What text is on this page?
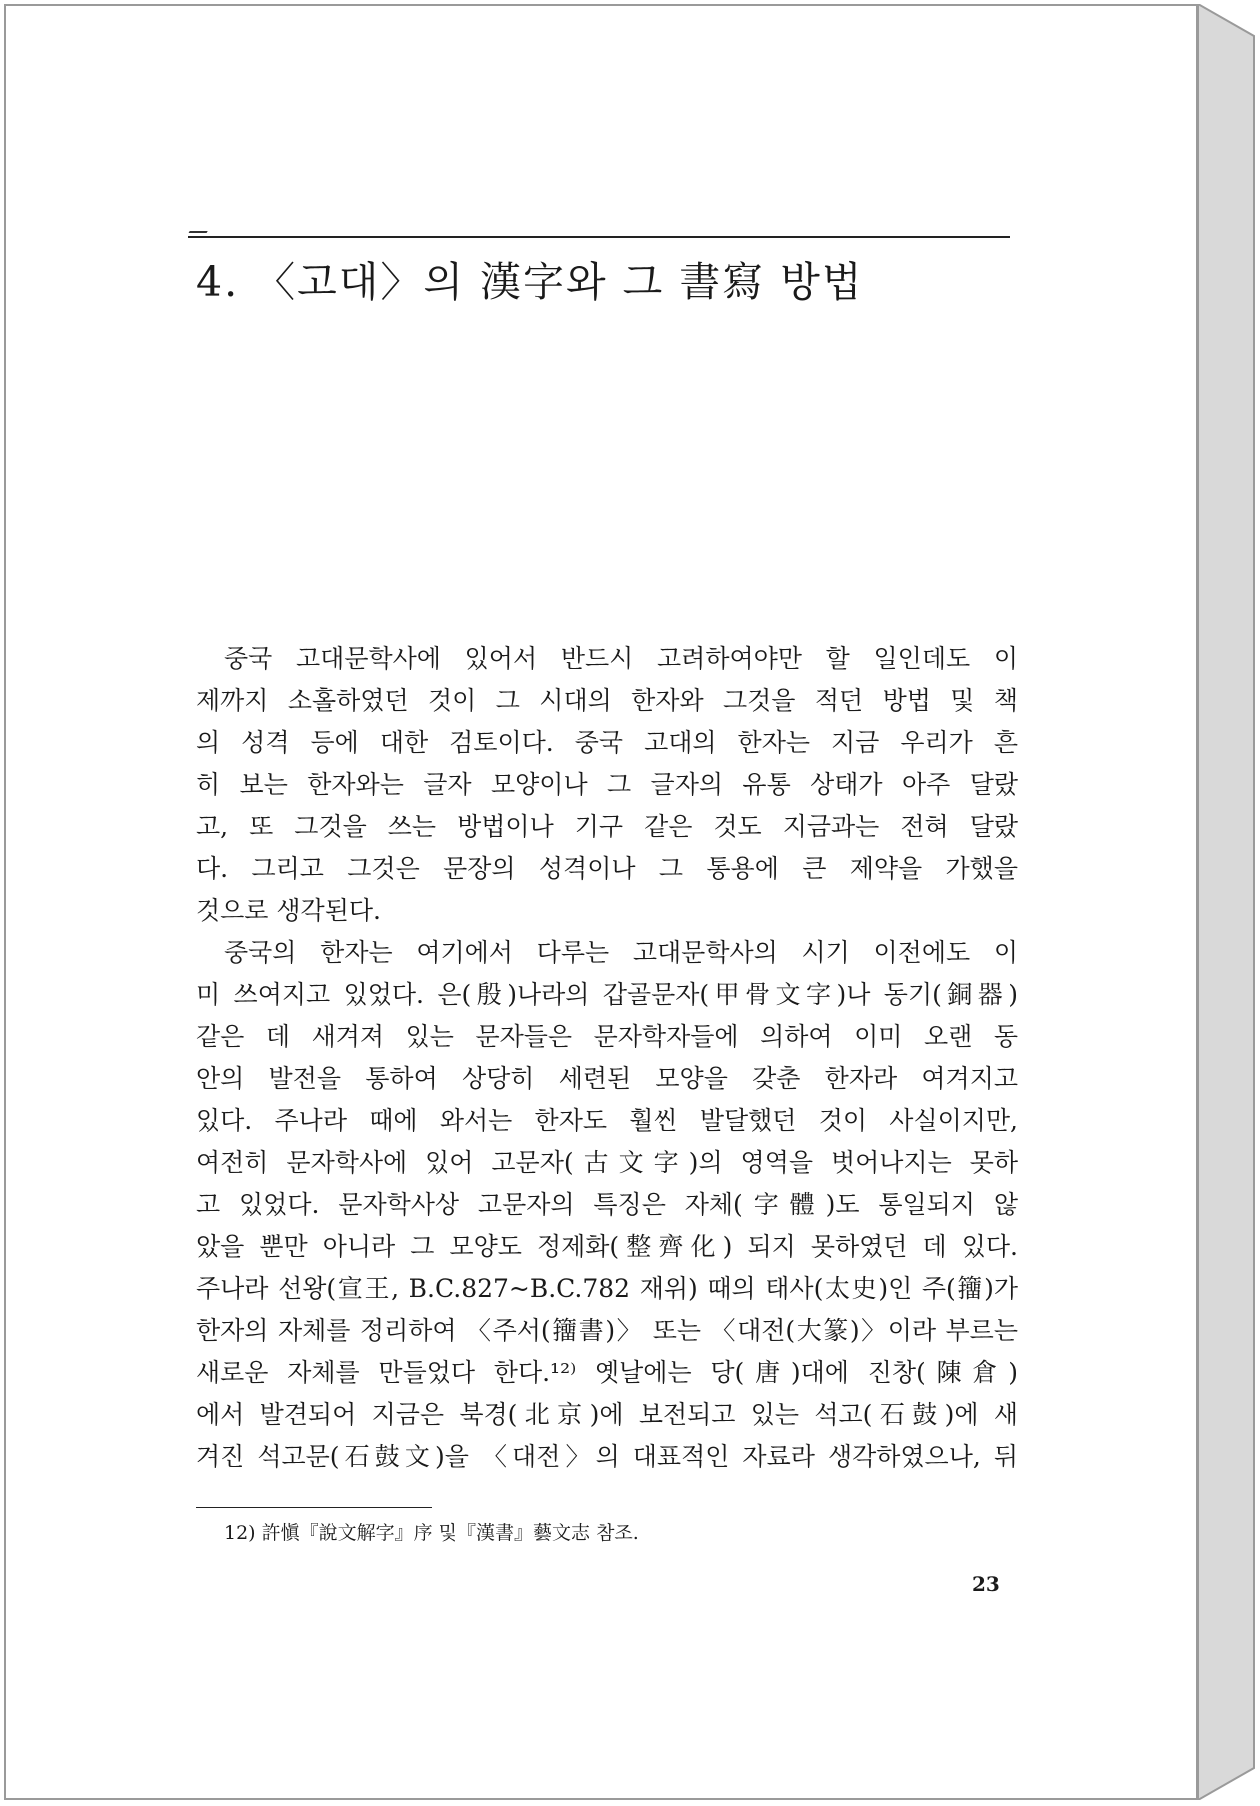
4. 〈고대〉의 漢字와 그 書寫 방법
중국 고대문학사에 있어서 반드시 고려하여야만 할 일인데도 이
제까지 소홀하였던 것이 그 시대의 한자와 그것을 적던 방법 및 책
의 성격 등에 대한 검토이다. 중국 고대의 한자는 지금 우리가 흔
히 보는 한자와는 글자 모양이나 그 글자의 유통 상태가 아주 달랐
고, 또 그것을 쓰는 방법이나 기구 같은 것도 지금과는 전혀 달랐
다. 그리고 그것은 문장의 성격이나 그 통용에 큰 제약을 가했을
것으로 생각된다.
중국의 한자는 여기에서 다루는 고대문학사의 시기 이전에도 이
미 쓰여지고 있었다. 은(殷)나라의 갑골문자(甲骨文字)나 동기(銅器)
같은 데 새겨져 있는 문자들은 문자학자들에 의하여 이미 오랜 동
안의 발전을 통하여 상당히 세련된 모양을 갖춘 한자라 여겨지고
있다. 주나라 때에 와서는 한자도 훨씬 발달했던 것이 사실이지만,
여전히 문자학사에 있어 고문자(古文字)의 영역을 벗어나지는 못하
고 있었다. 문자학사상 고문자의 특징은 자체(字體)도 통일되지 않
았을 뿐만 아니라 그 모양도 정제화(整齊化) 되지 못하였던 데 있다.
주나라 선왕(宣王, B.C.827~B.C.782 재위) 때의 태사(太史)인 주(籒)가
한자의 자체를 정리하여 〈주서(籒書)〉 또는 〈대전(大篆)〉이라 부르는
새로운 자체를 만들었다 한다.¹²⁾ 옛날에는 당(唐)대에 진창(陳倉)
에서 발견되어 지금은 북경(北京)에 보전되고 있는 석고(石鼓)에 새
겨진 석고문(石鼓文)을 〈대전〉의 대표적인 자료라 생각하였으나, 뒤
12) 許愼『說文解字』序 및『漢書』藝文志 참조.
23
